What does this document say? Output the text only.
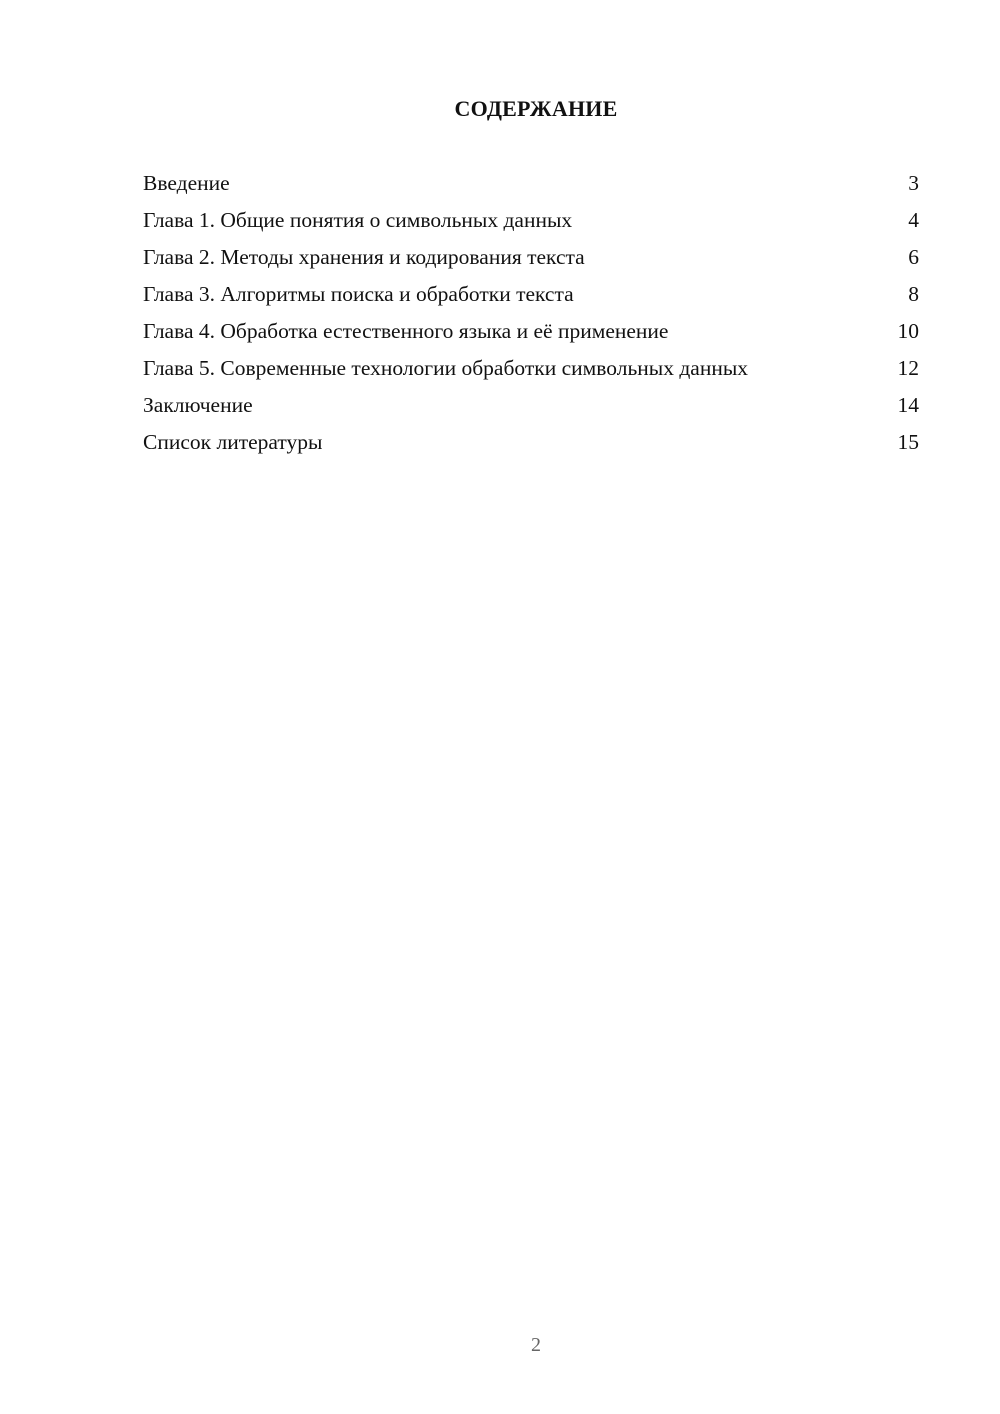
СОДЕРЖАНИЕ
Введение	3
Глава 1. Общие понятия о символьных данных	4
Глава 2. Методы хранения и кодирования текста	6
Глава 3. Алгоритмы поиска и обработки текста	8
Глава 4. Обработка естественного языка и её применение	10
Глава 5. Современные технологии обработки символьных данных	12
Заключение	14
Список литературы	15
2
